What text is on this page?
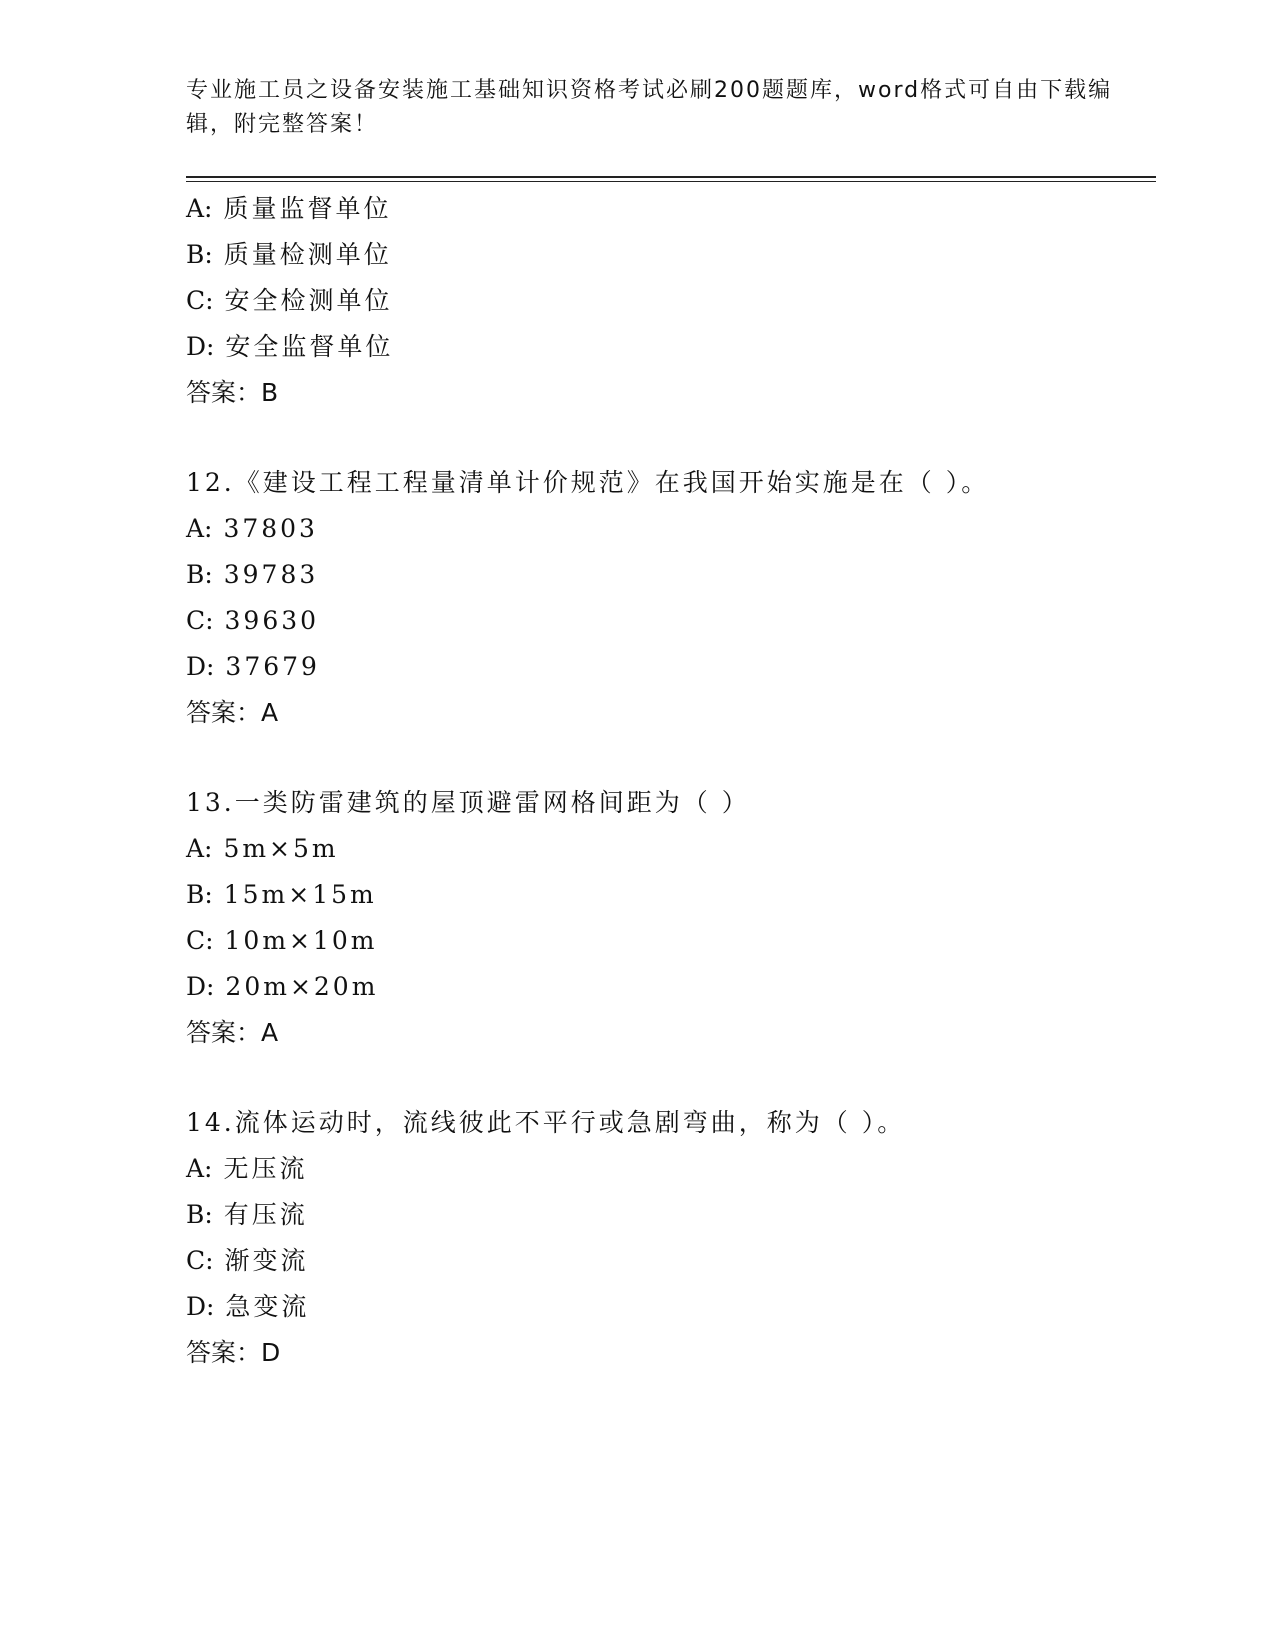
专业施工员之设备安装施工基础知识资格考试必刷200题题库，word格式可自由下载编辑，附完整答案！

A: 质量监督单位
B: 质量检测单位
C: 安全检测单位
D: 安全监督单位
答案：B
12.《建设工程工程量清单计价规范》在我国开始实施是在（ ）。
A: 37803
B: 39783
C: 39630
D: 37679
答案：A
13.一类防雷建筑的屋顶避雷网格间距为（ ）
A: 5m×5m
B: 15m×15m
C: 10m×10m
D: 20m×20m
答案：A
14.流体运动时，流线彼此不平行或急剧弯曲，称为（ ）。
A: 无压流
B: 有压流
C: 渐变流
D: 急变流
答案：D
